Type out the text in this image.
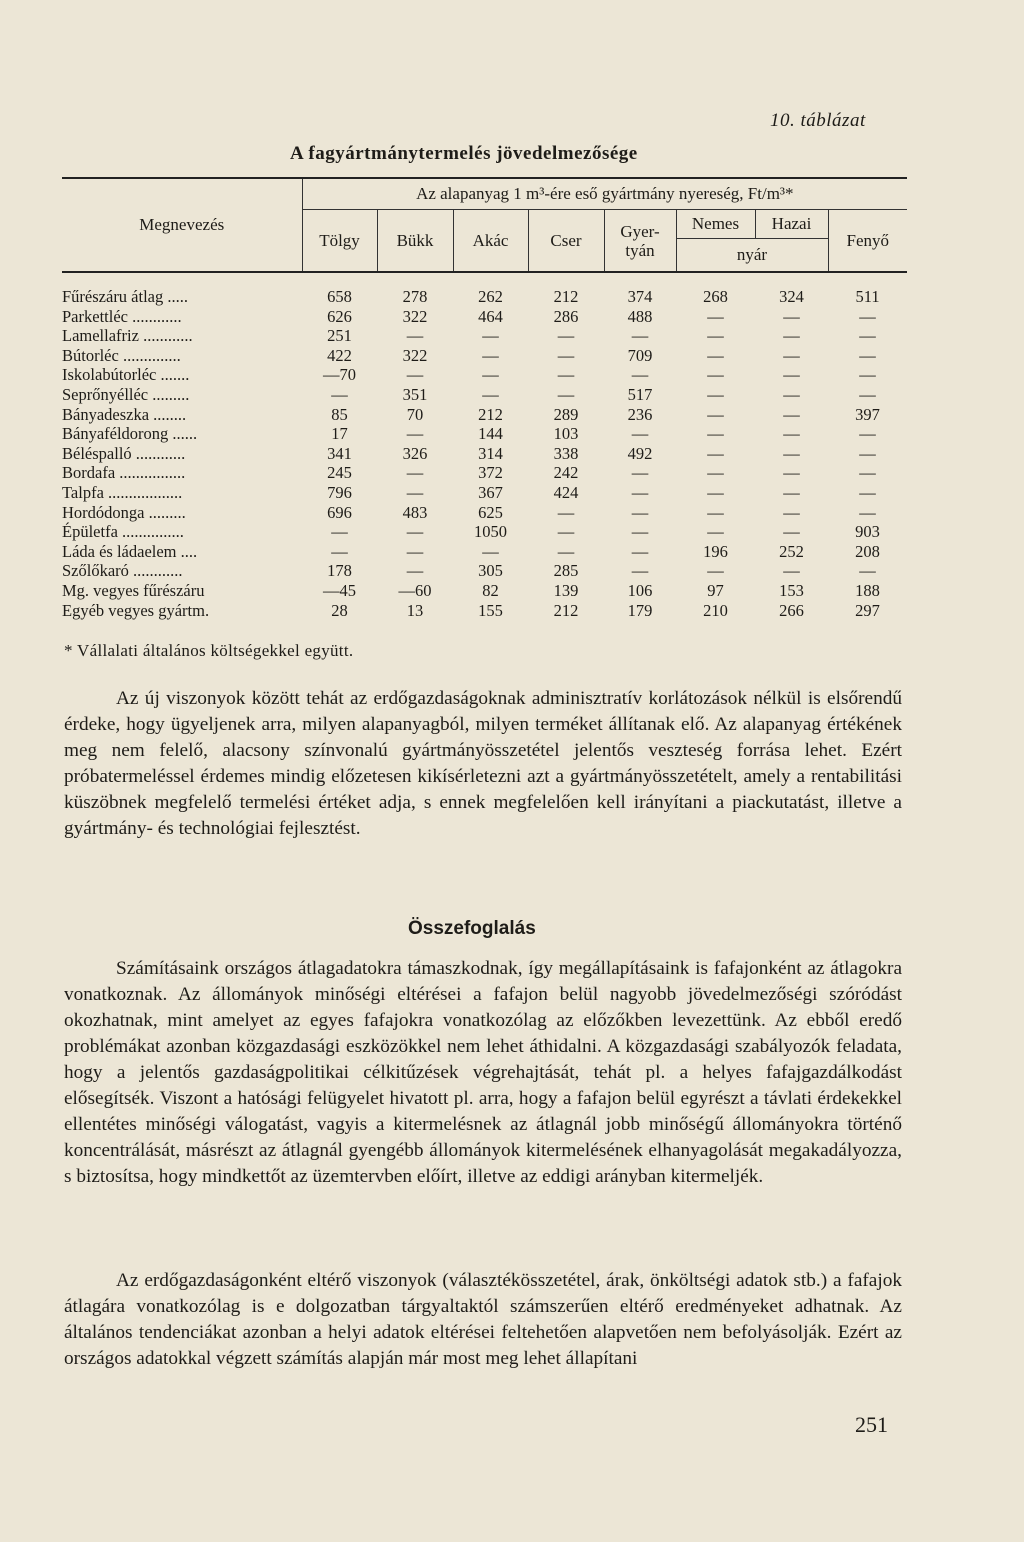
10. táblázat
A fagyártmánytermelés jövedelmezősége
Megnevezés	Az alapanyag 1 m³-ére eső gyártmány nyereség, Ft/m³*							
	Tölgy	Bükk	Akác	Cser	Gyer-tyán	Nemes	Hazai	Fenyő
						nyár		

Fűrészáru átlag .....	658	278	262	212	374	268	324	511
Parkettléc ............	626	322	464	286	488	—	—	—
Lamellafriz ............	251	—	—	—	—	—	—	—
Bútorléc ..............	422	322	—	—	709	—	—	—
Iskolabútorléc .......	—70	—	—	—	—	—	—	—
Seprőnyélléc .........	—	351	—	—	517	—	—	—
Bányadeszka ........	85	70	212	289	236	—	—	397
Bányaféldorong ......	17	—	144	103	—	—	—	—
Béléspalló ............	341	326	314	338	492	—	—	—
Bordafa ................	245	—	372	242	—	—	—	—
Talpfa ..................	796	—	367	424	—	—	—	—
Hordódonga .........	696	483	625	—	—	—	—	—
Épületfa ...............	—	—	1050	—	—	—	—	903
Láda és ládaelem ....	—	—	—	—	—	196	252	208
Szőlőkaró ............	178	—	305	285	—	—	—	—
Mg. vegyes fűrészáru	—45	—60	82	139	106	97	153	188
Egyéb vegyes gyártm.	28	13	155	212	179	210	266	297
* Vállalati általános költségekkel együtt.

Az új viszonyok között tehát az erdőgazdaságoknak adminisztratív korlátozások nélkül is elsőrendű érdeke, hogy ügyeljenek arra, milyen alapanyagból, milyen terméket állítanak elő. Az alapanyag értékének meg nem felelő, alacsony színvonalú gyártmányösszetétel jelentős veszteség forrása lehet. Ezért próbatermeléssel érdemes mindig előzetesen kikísérletezni azt a gyártmányösszetételt, amely a rentabilitási küszöbnek megfelelő termelési értéket adja, s ennek megfelelően kell irányítani a piackutatást, illetve a gyártmány- és technológiai fejlesztést.

Összefoglalás

Számításaink országos átlagadatokra támaszkodnak, így megállapításaink is fafajonként az átlagokra vonatkoznak. Az állományok minőségi eltérései a fafajon belül nagyobb jövedelmezőségi szóródást okozhatnak, mint amelyet az egyes fafajokra vonatkozólag az előzőkben levezettünk. Az ebből eredő problémákat azonban közgazdasági eszközökkel nem lehet áthidalni. A közgazdasági szabályozók feladata, hogy a jelentős gazdaságpolitikai célkitűzések végrehajtását, tehát pl. a helyes fafajgazdálkodást elősegítsék. Viszont a hatósági felügyelet hivatott pl. arra, hogy a fafajon belül egyrészt a távlati érdekekkel ellentétes minőségi válogatást, vagyis a kitermelésnek az átlagnál jobb minőségű állományokra történő koncentrálását, másrészt az átlagnál gyengébb állományok kitermelésének elhanyagolását megakadályozza, s biztosítsa, hogy mindkettőt az üzemtervben előírt, illetve az eddigi arányban kitermeljék.

Az erdőgazdaságonként eltérő viszonyok (választékösszetétel, árak, önköltségi adatok stb.) a fafajok átlagára vonatkozólag is e dolgozatban tárgyaltaktól számszerűen eltérő eredményeket adhatnak. Az általános tendenciákat azonban a helyi adatok eltérései feltehetően alapvetően nem befolyásolják. Ezért az országos adatokkal végzett számítás alapján már most meg lehet állapítani

251
